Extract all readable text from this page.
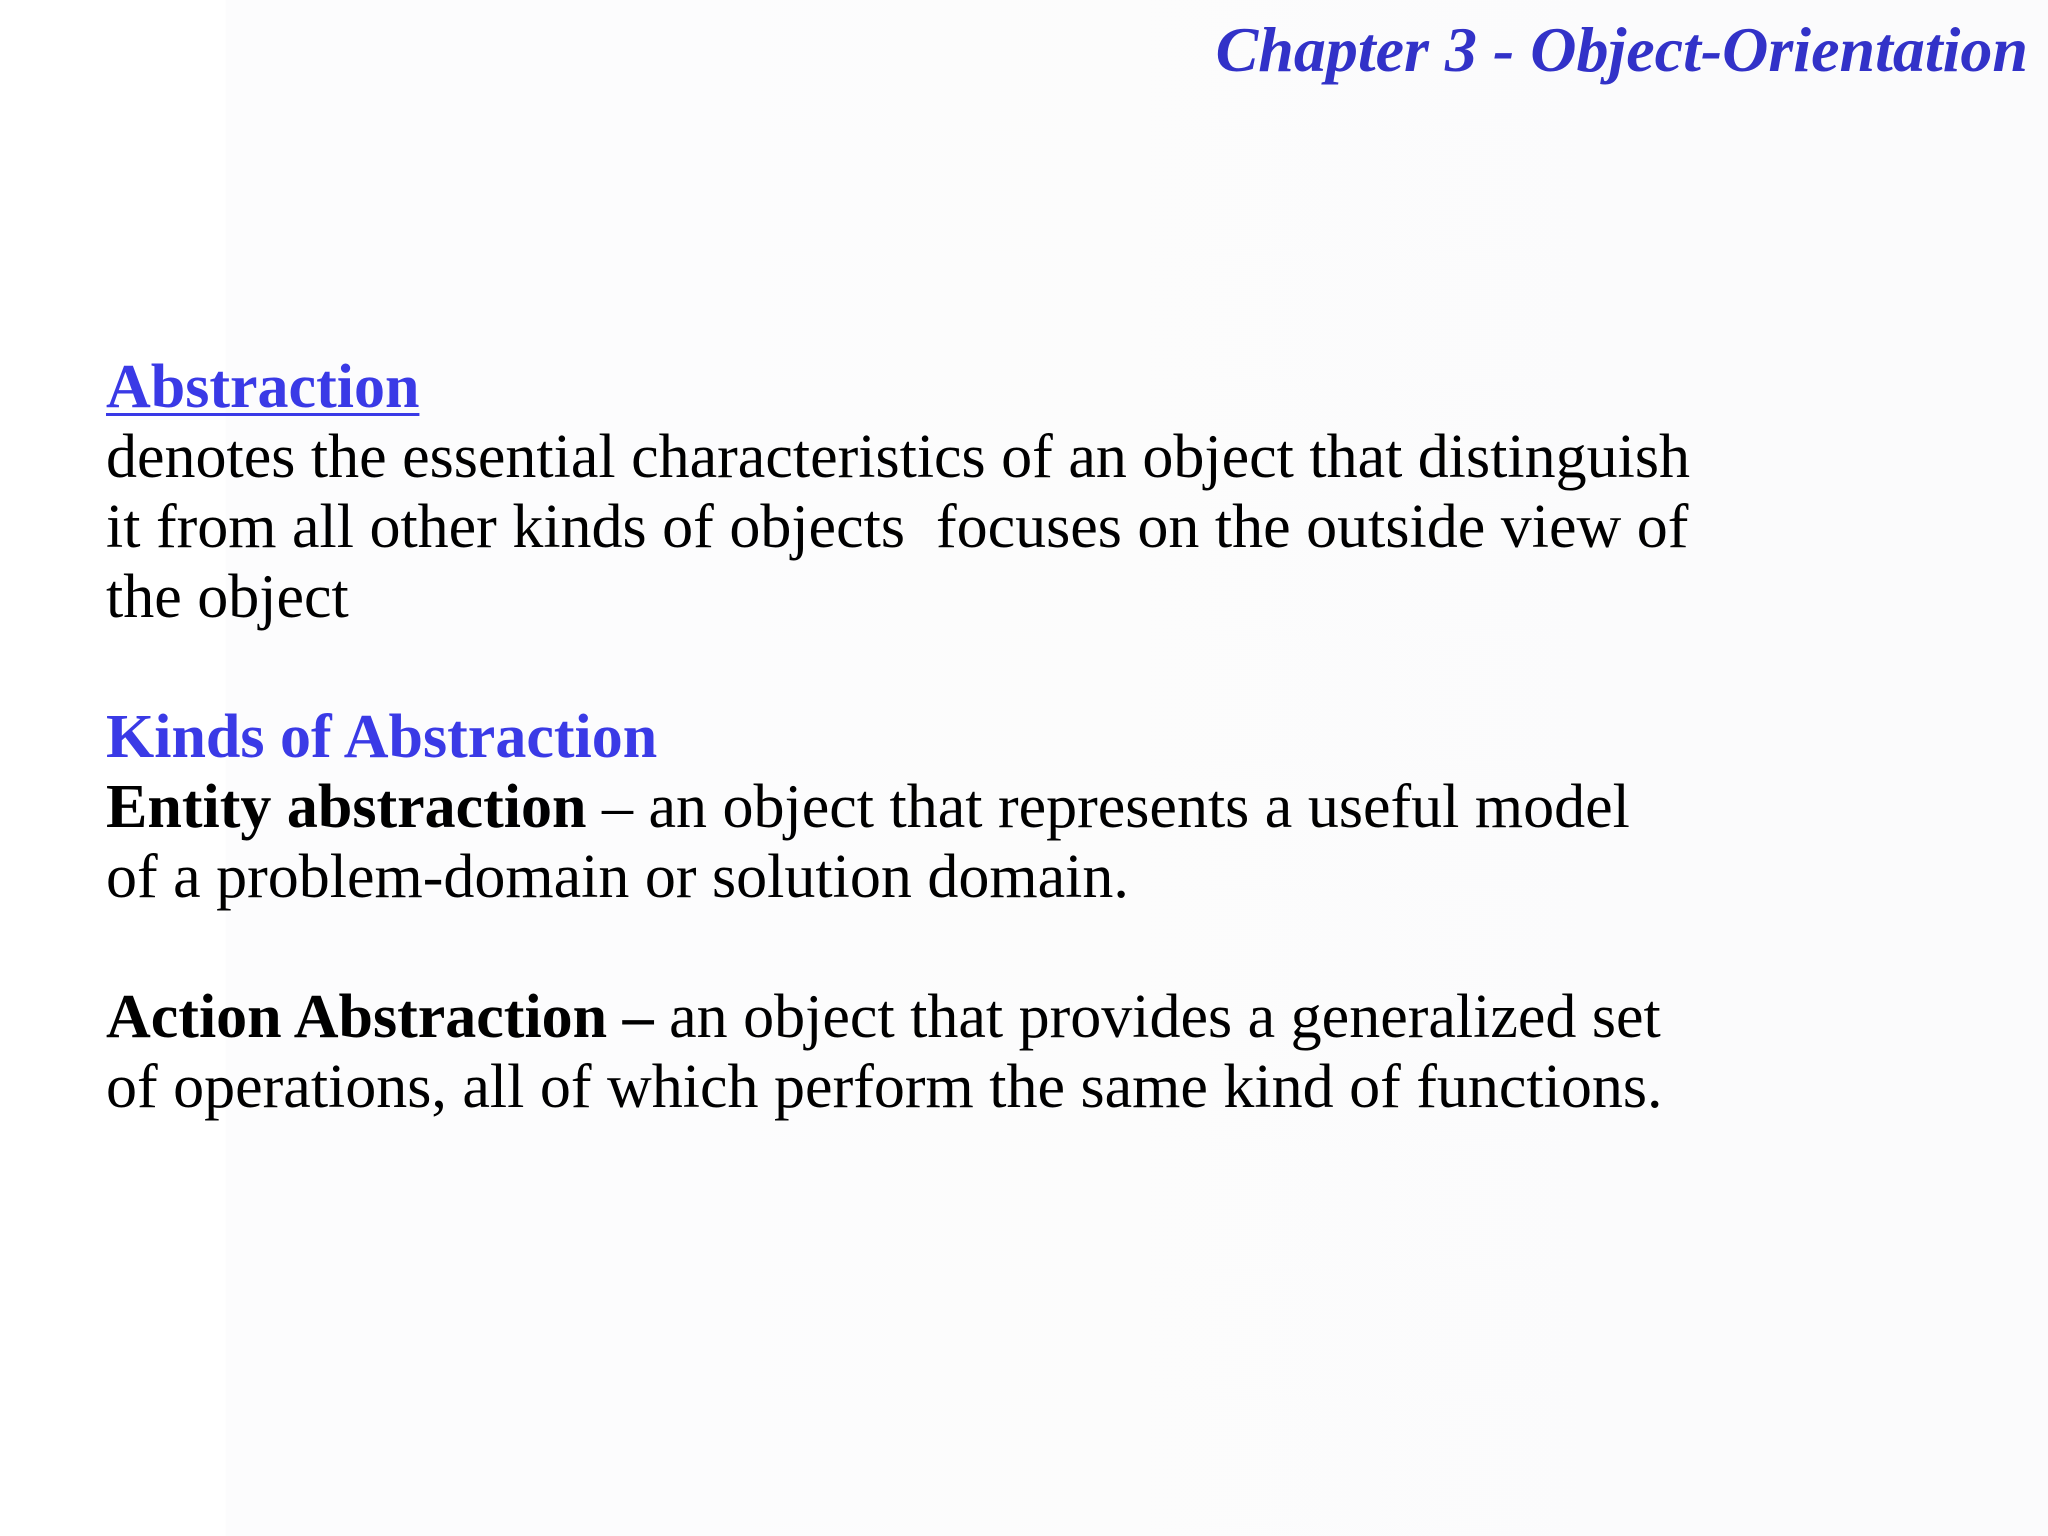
Chapter 3 - Object-Orientation
Abstraction
denotes the essential characteristics of an object that distinguish
it from all other kinds of objects  focuses on the outside view of
the object
Kinds of Abstraction
Entity abstraction – an object that represents a useful model
of a problem-domain or solution domain.
Action Abstraction – an object that provides a generalized set
of operations, all of which perform the same kind of functions.
